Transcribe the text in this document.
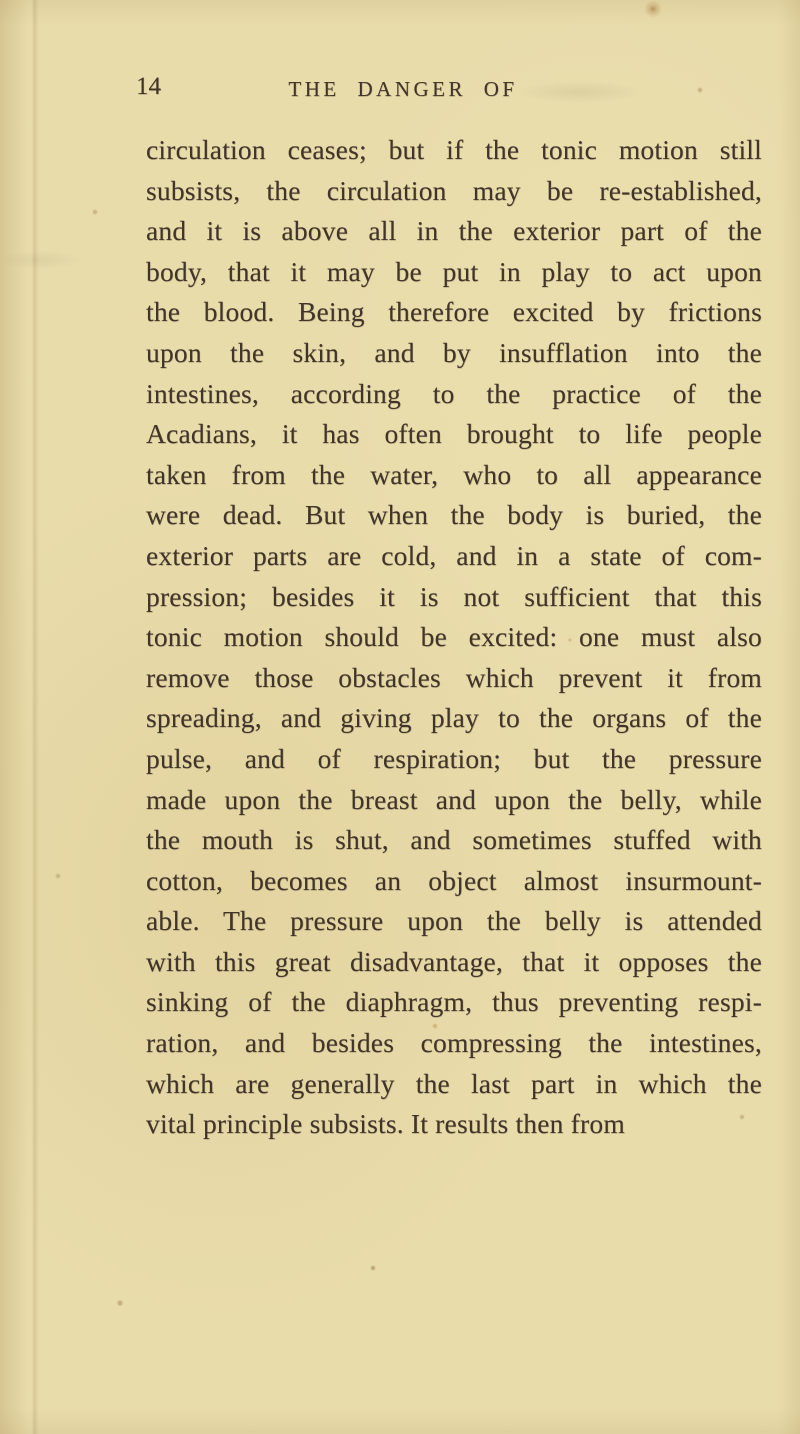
14	THE DANGER OF
circulation ceases; but if the tonic motion still
subsists, the circulation may be re-established,
and it is above all in the exterior part of the
body, that it may be put in play to act upon
the blood. Being therefore excited by frictions
upon the skin, and by insufflation into the
intestines, according to the practice of the
Acadians, it has often brought to life people
taken from the water, who to all appearance
were dead. But when the body is buried, the
exterior parts are cold, and in a state of com-
pression; besides it is not sufficient that this
tonic motion should be excited: one must also
remove those obstacles which prevent it from
spreading, and giving play to the organs of the
pulse, and of respiration; but the pressure
made upon the breast and upon the belly, while
the mouth is shut, and sometimes stuffed with
cotton, becomes an object almost insurmount-
able. The pressure upon the belly is attended
with this great disadvantage, that it opposes the
sinking of the diaphragm, thus preventing respi-
ration, and besides compressing the intestines,
which are generally the last part in which the
vital principle subsists. It results then from
